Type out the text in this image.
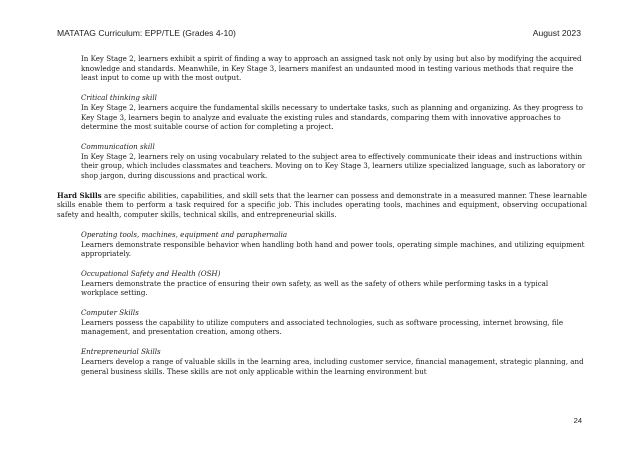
MATATAG Curriculum: EPP/TLE (Grades 4-10)	August 2023

In Key Stage 2, learners exhibit a spirit of finding a way to approach an assigned task not only by using but also by modifying the acquired knowledge and standards. Meanwhile, in Key Stage 3, learners manifest an undaunted mood in testing various methods that require the least input to come up with the most output.

Critical thinking skill
In Key Stage 2, learners acquire the fundamental skills necessary to undertake tasks, such as planning and organizing. As they progress to Key Stage 3, learners begin to analyze and evaluate the existing rules and standards, comparing them with innovative approaches to determine the most suitable course of action for completing a project.
Communication skill
In Key Stage 2, learners rely on using vocabulary related to the subject area to effectively communicate their ideas and instructions within their group, which includes classmates and teachers. Moving on to Key Stage 3, learners utilize specialized language, such as laboratory or shop jargon, during discussions and practical work.

Hard Skills are specific abilities, capabilities, and skill sets that the learner can possess and demonstrate in a measured manner. These learnable skills enable them to perform a task required for a specific job. This includes operating tools, machines and equipment, observing occupational safety and health, computer skills, technical skills, and entrepreneurial skills.

Operating tools, machines, equipment and paraphernalia
Learners demonstrate responsible behavior when handling both hand and power tools, operating simple machines, and utilizing equipment appropriately.
Occupational Safety and Health (OSH)
Learners demonstrate the practice of ensuring their own safety, as well as the safety of others while performing tasks in a typical workplace setting.
Computer Skills
Learners possess the capability to utilize computers and associated technologies, such as software processing, internet browsing, file management, and presentation creation, among others.
Entrepreneurial Skills
Learners develop a range of valuable skills in the learning area, including customer service, financial management, strategic planning, and general business skills. These skills are not only applicable within the learning environment but
24
